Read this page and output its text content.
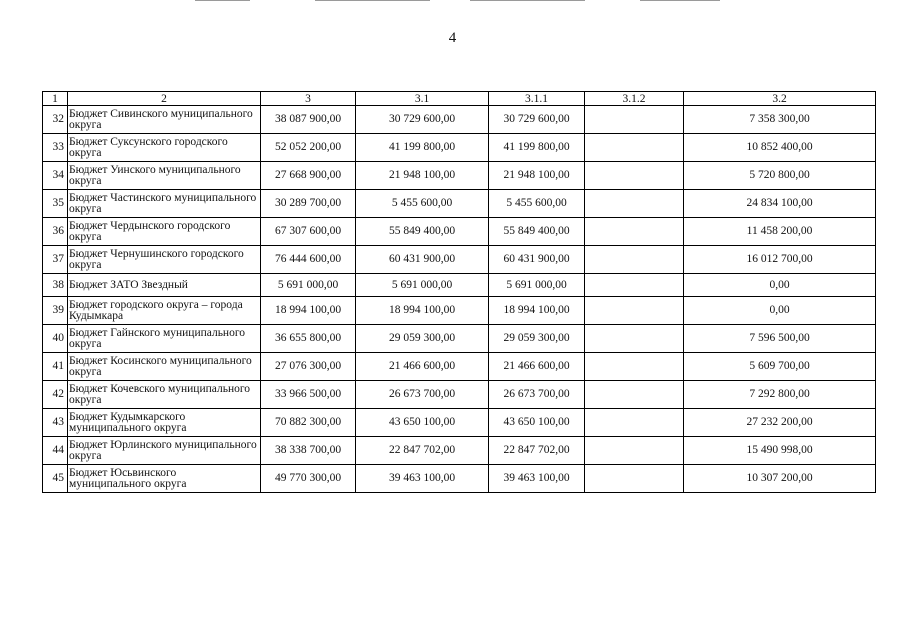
4
1	2	3	3.1	3.1.1	3.1.2	3.2
32	Бюджет Сивинского муниципального округа	38 087 900,00	30 729 600,00	30 729 600,00		7 358 300,00
33	Бюджет Суксунского городского округа	52 052 200,00	41 199 800,00	41 199 800,00		10 852 400,00
34	Бюджет Уинского муниципального округа	27 668 900,00	21 948 100,00	21 948 100,00		5 720 800,00
35	Бюджет Частинского муниципального округа	30 289 700,00	5 455 600,00	5 455 600,00		24 834 100,00
36	Бюджет Чердынского городского округа	67 307 600,00	55 849 400,00	55 849 400,00		11 458 200,00
37	Бюджет Чернушинского городского округа	76 444 600,00	60 431 900,00	60 431 900,00		16 012 700,00
38	Бюджет ЗАТО Звездный	5 691 000,00	5 691 000,00	5 691 000,00		0,00
39	Бюджет городского округа – города Кудымкара	18 994 100,00	18 994 100,00	18 994 100,00		0,00
40	Бюджет Гайнского муниципального округа	36 655 800,00	29 059 300,00	29 059 300,00		7 596 500,00
41	Бюджет Косинского муниципального округа	27 076 300,00	21 466 600,00	21 466 600,00		5 609 700,00
42	Бюджет Кочевского муниципального округа	33 966 500,00	26 673 700,00	26 673 700,00		7 292 800,00
43	Бюджет Кудымкарского муниципального округа	70 882 300,00	43 650 100,00	43 650 100,00		27 232 200,00
44	Бюджет Юрлинского муниципального округа	38 338 700,00	22 847 702,00	22 847 702,00		15 490 998,00
45	Бюджет Юсьвинского муниципального округа	49 770 300,00	39 463 100,00	39 463 100,00		10 307 200,00
